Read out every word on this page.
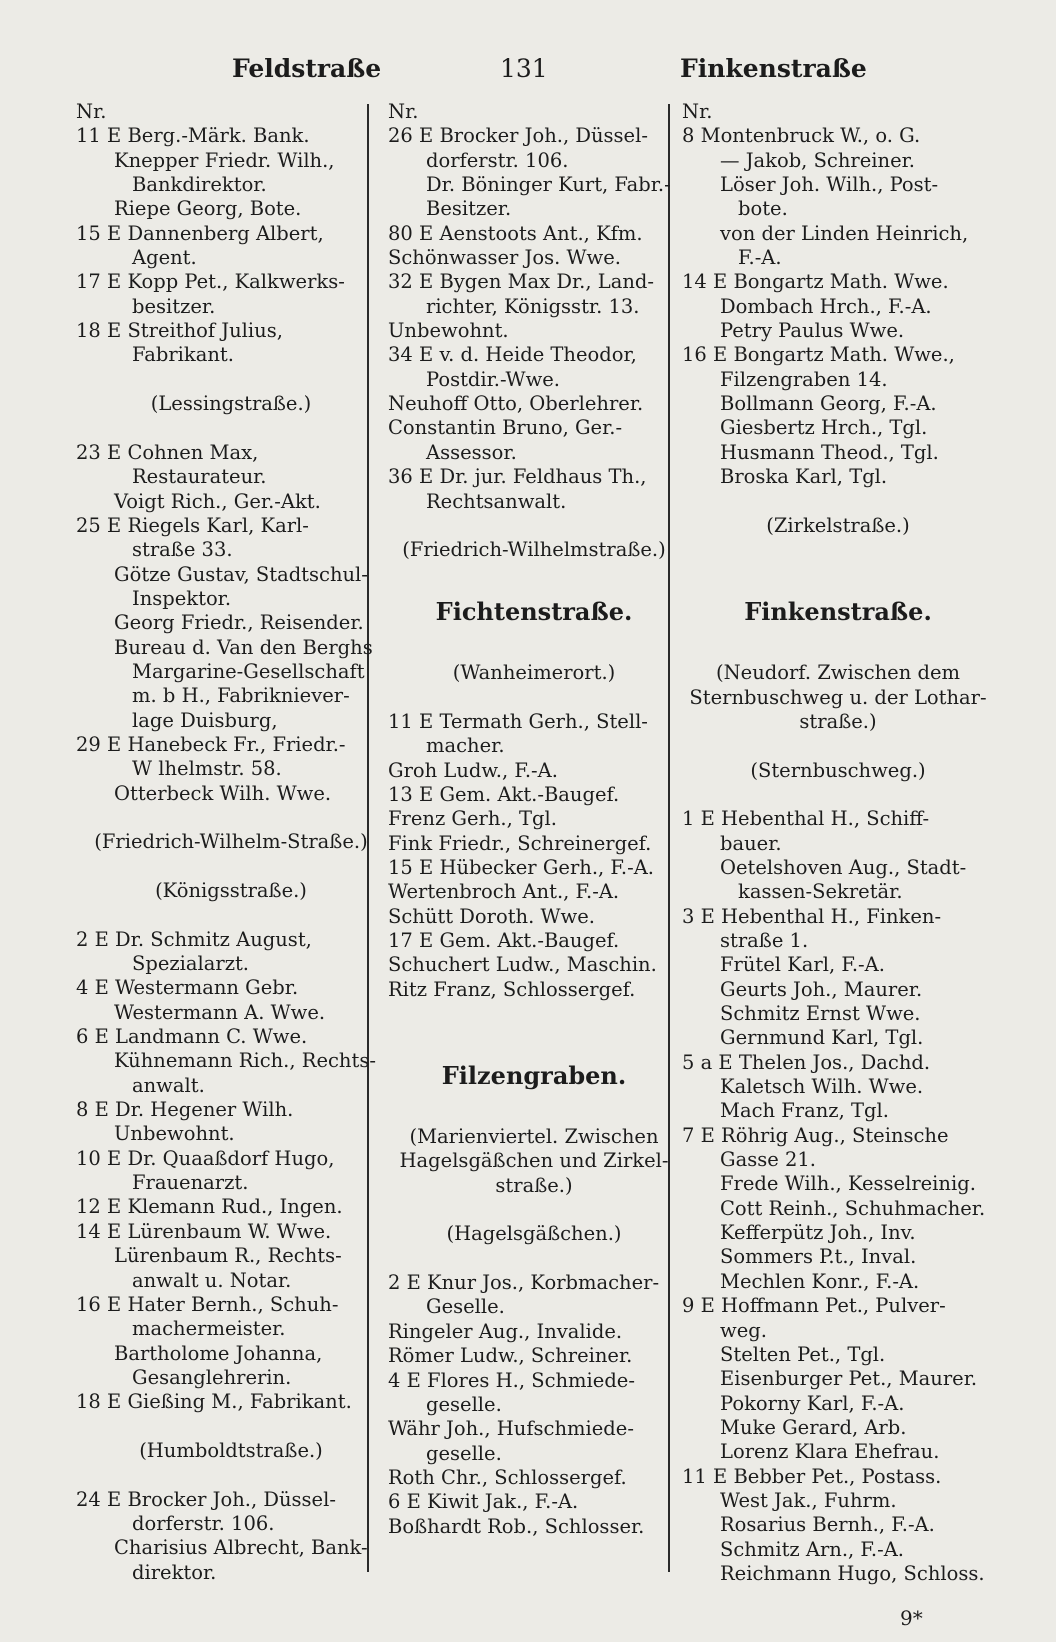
Feldstraße	131	Finkenstraße
Nr.
11 E Berg.-Märk. Bank.
Knepper Friedr. Wilh.,
Bankdirektor.
Riepe Georg, Bote.
15 E Dannenberg Albert,
Agent.
17 E Kopp Pet., Kalkwerks-
besitzer.
18 E Streithof Julius,
Fabrikant.
(Lessingstraße.)
23 E Cohnen Max,
Restaurateur.
Voigt Rich., Ger.-Akt.
25 E Riegels Karl, Karl-
straße 33.
Götze Gustav, Stadtschul-
Inspektor.
Georg Friedr., Reisender.
Bureau d. Van den Berghs
Margarine-Gesellschaft
m. b H., Fabrikniever-
lage Duisburg,
29 E Hanebeck Fr., Friedr.-
W lhelmstr. 58.
Otterbeck Wilh. Wwe.
(Friedrich-Wilhelm-Straße.)
(Königsstraße.)
2 E Dr. Schmitz August,
Spezialarzt.
4 E Westermann Gebr.
Westermann A. Wwe.
6 E Landmann C. Wwe.
Kühnemann Rich., Rechts-
anwalt.
8 E Dr. Hegener Wilh.
Unbewohnt.
10 E Dr. Quaaßdorf Hugo,
Frauenarzt.
12 E Klemann Rud., Ingen.
14 E Lürenbaum W. Wwe.
Lürenbaum R., Rechts-
anwalt u. Notar.
16 E Hater Bernh., Schuh-
machermeister.
Bartholome Johanna,
Gesanglehrerin.
18 E Gießing M., Fabrikant.
(Humboldtstraße.)
24 E Brocker Joh., Düssel-
dorferstr. 106.
Charisius Albrecht, Bank-
direktor.
Nr.
26 E Brocker Joh., Düssel-
dorferstr. 106.
Dr. Böninger Kurt, Fabr.-
Besitzer.
80 E Aenstoots Ant., Kfm.
Schönwasser Jos. Wwe.
32 E Bygen Max Dr., Land-
richter, Königsstr. 13.
Unbewohnt.
34 E v. d. Heide Theodor,
Postdir.-Wwe.
Neuhoff Otto, Oberlehrer.
Constantin Bruno, Ger.-
Assessor.
36 E Dr. jur. Feldhaus Th.,
Rechtsanwalt.
(Friedrich-Wilhelmstraße.)
Fichtenstraße.
(Wanheimerort.)
11 E Termath Gerh., Stell-
macher.
Groh Ludw., F.-A.
13 E Gem. Akt.-Baugef.
Frenz Gerh., Tgl.
Fink Friedr., Schreinergef.
15 E Hübecker Gerh., F.-A.
Wertenbroch Ant., F.-A.
Schütt Doroth. Wwe.
17 E Gem. Akt.-Baugef.
Schuchert Ludw., Maschin.
Ritz Franz, Schlossergef.
Filzengraben.
(Marienviertel. Zwischen
Hagelsgäßchen und Zirkel-
straße.)
(Hagelsgäßchen.)
2 E Knur Jos., Korbmacher-
Geselle.
Ringeler Aug., Invalide.
Römer Ludw., Schreiner.
4 E Flores H., Schmiede-
geselle.
Währ Joh., Hufschmiede-
geselle.
Roth Chr., Schlossergef.
6 E Kiwit Jak., F.-A.
Boßhardt Rob., Schlosser.
Nr.
8 Montenbruck W., o. G.
— Jakob, Schreiner.
Löser Joh. Wilh., Post-
bote.
von der Linden Heinrich,
F.-A.
14 E Bongartz Math. Wwe.
Dombach Hrch., F.-A.
Petry Paulus Wwe.
16 E Bongartz Math. Wwe.,
Filzengraben 14.
Bollmann Georg, F.-A.
Giesbertz Hrch., Tgl.
Husmann Theod., Tgl.
Broska Karl, Tgl.
(Zirkelstraße.)
Finkenstraße.
(Neudorf. Zwischen dem
Sternbuschweg u. der Lothar-
straße.)
(Sternbuschweg.)
1 E Hebenthal H., Schiff-
bauer.
Oetelshoven Aug., Stadt-
kassen-Sekretär.
3 E Hebenthal H., Finken-
straße 1.
Frütel Karl, F.-A.
Geurts Joh., Maurer.
Schmitz Ernst Wwe.
Gernmund Karl, Tgl.
5 a E Thelen Jos., Dachd.
Kaletsch Wilh. Wwe.
Mach Franz, Tgl.
7 E Röhrig Aug., Steinsche
Gasse 21.
Frede Wilh., Kesselreinig.
Cott Reinh., Schuhmacher.
Kefferpütz Joh., Inv.
Sommers P.t., Inval.
Mechlen Konr., F.-A.
9 E Hoffmann Pet., Pulver-
weg.
Stelten Pet., Tgl.
Eisenburger Pet., Maurer.
Pokorny Karl, F.-A.
Muke Gerard, Arb.
Lorenz Klara Ehefrau.
11 E Bebber Pet., Postass.
West Jak., Fuhrm.
Rosarius Bernh., F.-A.
Schmitz Arn., F.-A.
Reichmann Hugo, Schloss.
9*
